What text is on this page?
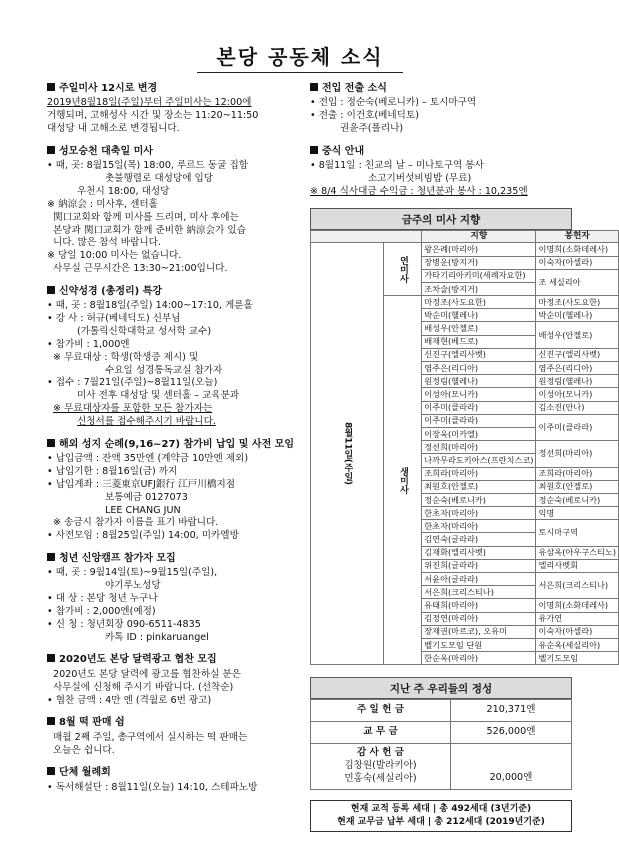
본당 공동체 소식
주일미사 12시로 변경
2019년8월18일(주일)부터 주일미사는 12:00에
거행되며, 고해성사 시간 및 장소는 11:20~11:50
대성당 내 고해소로 변경됩니다.
성모승천 대축일 미사
• 때, 곳: 8월15일(목) 18:00, 루르드 동굴 집합
촛불행렬로 대성당에 입당
우천시 18:00, 대성당
※ 納涼会 : 미사후, 센터홀
関口교회와 함께 미사를 드리며, 미사 후에는
본당과 関口교회가 함께 준비한 納涼会가 있습
니다. 많은 참석 바랍니다.
※ 당일 10:00 미사는 없습니다.
사무실 근무시간은 13:30~21:00입니다.
신약성경 (총정리) 특강
• 때, 곳 : 8월18일(주일) 14:00~17:10, 게룬홀
• 강 사 : 허규(베네딕도) 신부님
(가톨릭신학대학교 성서학 교수)
• 참가비 : 1,000엔
※ 무료대상 : 학생(학생증 제시) 및
수요일 성경통독교실 참가자
• 접수 : 7월21일(주일)~8월11일(오늘)
미사 전후 대성당 및 센터홀 – 교육분과
※ 무료대상자를 포함한 모든 참가자는
신청서를 접수해주시기 바랍니다.
해외 성지 순례(9,16~27) 참가비 납입 및 사전 모임
• 납입금액 : 잔액 35만엔 (계약금 10만엔 제외)
• 납입기한 : 8월16일(금) 까지
• 납입계좌 : 三菱東京UFJ銀行 江戸川橋지점
보통예금 0127073
LEE CHANG JUN
※ 송금시 참가자 이름을 표기 바랍니다.
• 사전모임 : 8월25일(주일) 14:00, 미카엘방
청년 신앙캠프 참가자 모집
• 때, 곳 : 9월14일(토)~9월15일(주일),
야기루노성당
• 대 상 : 본당 청년 누구나
• 참가비 : 2,000엔(예정)
• 신 청 : 청년회장 090-6511-4835
카톡 ID : pinkaruangel
2020년도 본당 달력광고 협찬 모집
2020년도 본당 달력에 광고를 협찬하실 분은
사무실에 신청해 주시기 바랍니다. (선착순)
• 협찬 금액 : 4만 엔 (격월로 6번 광고)
8월 떡 판매 쉼
매월 2째 주일, 총구역에서 실시하는 떡 판매는
오늘은 쉽니다.
단체 월례회
• 독서해설단 : 8월11일(오늘) 14:10, 스테파노방
전입 전출 소식
• 전입 : 정순숙(베로니카) – 토시마구역
• 전출 : 이건호(베네딕토)
권윤주(폴리나)
중식 안내
• 8월11일 : 친교의 날 – 미나토구역 봉사
소고기버섯비빔밥 (무료)
※ 8/4 식사대금 수익금 : 청년분과 봉사 : 10,235엔
금주의 미사 지향
		지향	봉헌자
8월11일(주일)	연미사	왕은례(마리아)	이명희(소화데레사)
		장병운(방지거)	이숙자(아셀라)
		가타기리아키미(세례자요한)	조 세실리아
		조차술(방지거)	
	생미사	마정조(사도요한)	마정조(사도요한)
		박순미(헬레나)	박순미(헬레나)
		배성우(안젤로)	배성우(안젤로)
		배재현(베드로)	
		신진구(엘리사벳)	신진구(엘리사벳)
		염주은(리디아)	염주은(리디아)
		원정림(헬레나)	원정림(헬레나)
		이성아(모니카)	이성아(모니카)
		이주미(클라라)	김소진(안나)
		이주미(클라라)	이주미(클라라)
		이장욱(미카엘)	
		정선희(마리아)	정선희(마리아)
		나까무라도키아스(프란치스코)	
		조희라(마리아)	조희라(마리아)
		최원호(안젤로)	최원호(안젤로)
		정순숙(베로니카)	정순숙(베로니카)
		한초자(마리아)	익명
		한초자(마리아)	토시마구역
		김연숙(글라라)	
		김재화(엘리사벳)	유삼옥(아우구스티노)
		위진희(글라라)	엘리사벳회
		서윤아(글라라)	서은희(크리스티나)
		서은희(크리스티나)	
		유태희(마리아)	이명희(소화데레사)
		김정연(마리아)	유가연
		장재권(마르코), 오유미	이숙자(아셀라)
		벨기도모임 단원	유순옥(세실리아)
		한순옥(마리아)	벨기도모임
지난 주 우리들의 정성
주 일 헌 금	210,371엔
교 무 금	526,000엔

감 사 헌 금
김창원(발라키아)
민홍숙(세실리아)	20,000엔
현재 교적 등록 세대 | 총 492세대 (3년기준)
현재 교무금 납부 세대 | 총 212세대 (2019년기준)
